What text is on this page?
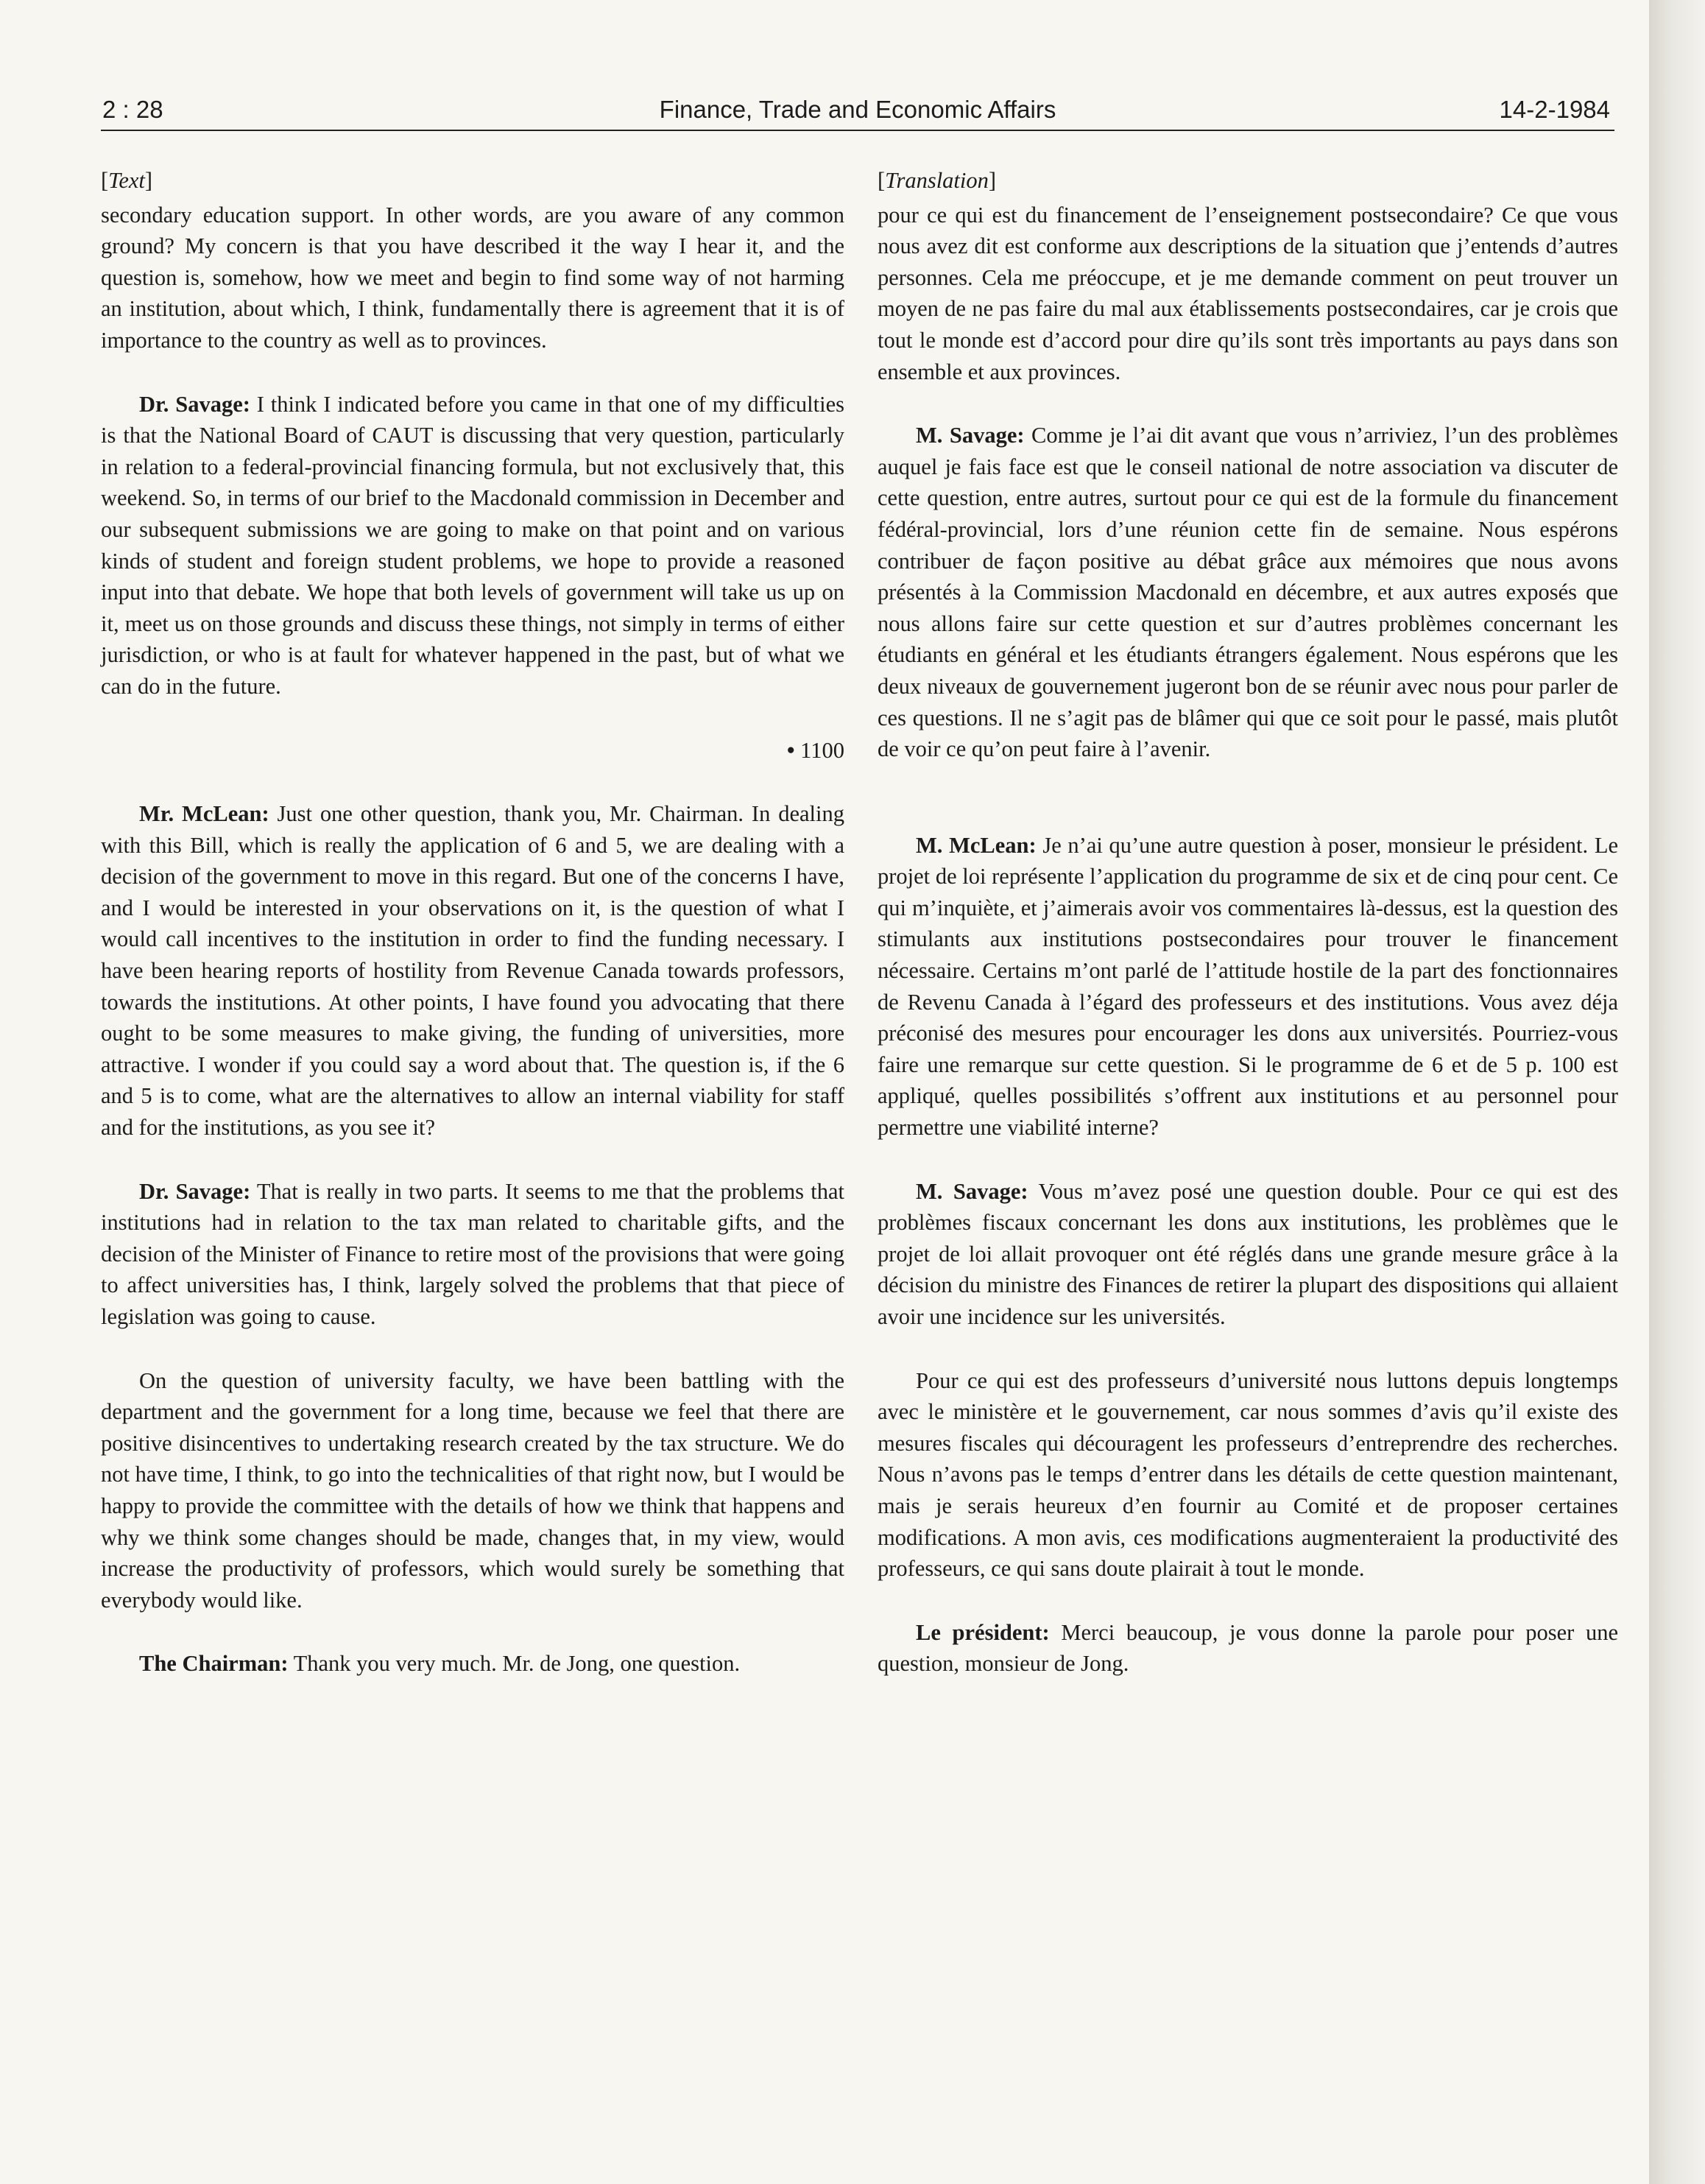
2 : 28	Finance, Trade and Economic Affairs	14-2-1984
[Text]

secondary education support. In other words, are you aware of any common ground? My concern is that you have described it the way I hear it, and the question is, somehow, how we meet and begin to find some way of not harming an institution, about which, I think, fundamentally there is agreement that it is of importance to the country as well as to provinces.

Dr. Savage: I think I indicated before you came in that one of my difficulties is that the National Board of CAUT is discussing that very question, particularly in relation to a federal-provincial financing formula, but not exclusively that, this weekend. So, in terms of our brief to the Macdonald commission in December and our subsequent submissions we are going to make on that point and on various kinds of student and foreign student problems, we hope to provide a reasoned input into that debate. We hope that both levels of government will take us up on it, meet us on those grounds and discuss these things, not simply in terms of either jurisdiction, or who is at fault for whatever happened in the past, but of what we can do in the future.

• 1100

Mr. McLean: Just one other question, thank you, Mr. Chairman. In dealing with this Bill, which is really the application of 6 and 5, we are dealing with a decision of the government to move in this regard. But one of the concerns I have, and I would be interested in your observations on it, is the question of what I would call incentives to the institution in order to find the funding necessary. I have been hearing reports of hostility from Revenue Canada towards professors, towards the institutions. At other points, I have found you advocating that there ought to be some measures to make giving, the funding of universities, more attractive. I wonder if you could say a word about that. The question is, if the 6 and 5 is to come, what are the alternatives to allow an internal viability for staff and for the institutions, as you see it?

Dr. Savage: That is really in two parts. It seems to me that the problems that institutions had in relation to the tax man related to charitable gifts, and the decision of the Minister of Finance to retire most of the provisions that were going to affect universities has, I think, largely solved the problems that that piece of legislation was going to cause.

On the question of university faculty, we have been battling with the department and the government for a long time, because we feel that there are positive disincentives to undertaking research created by the tax structure. We do not have time, I think, to go into the technicalities of that right now, but I would be happy to provide the committee with the details of how we think that happens and why we think some changes should be made, changes that, in my view, would increase the productivity of professors, which would surely be something that everybody would like.

The Chairman: Thank you very much. Mr. de Jong, one question.

[Translation]

pour ce qui est du financement de l’enseignement postsecondaire? Ce que vous nous avez dit est conforme aux descriptions de la situation que j’entends d’autres personnes. Cela me préoccupe, et je me demande comment on peut trouver un moyen de ne pas faire du mal aux établissements postsecondaires, car je crois que tout le monde est d’accord pour dire qu’ils sont très importants au pays dans son ensemble et aux provinces.

M. Savage: Comme je l’ai dit avant que vous n’arriviez, l’un des problèmes auquel je fais face est que le conseil national de notre association va discuter de cette question, entre autres, surtout pour ce qui est de la formule du financement fédéral-provincial, lors d’une réunion cette fin de semaine. Nous espérons contribuer de façon positive au débat grâce aux mémoires que nous avons présentés à la Commission Macdonald en décembre, et aux autres exposés que nous allons faire sur cette question et sur d’autres problèmes concernant les étudiants en général et les étudiants étrangers également. Nous espérons que les deux niveaux de gouvernement jugeront bon de se réunir avec nous pour parler de ces questions. Il ne s’agit pas de blâmer qui que ce soit pour le passé, mais plutôt de voir ce qu’on peut faire à l’avenir.

M. McLean: Je n’ai qu’une autre question à poser, monsieur le président. Le projet de loi représente l’application du programme de six et de cinq pour cent. Ce qui m’inquiète, et j’aimerais avoir vos commentaires là-dessus, est la question des stimulants aux institutions postsecondaires pour trouver le financement nécessaire. Certains m’ont parlé de l’attitude hostile de la part des fonctionnaires de Revenu Canada à l’égard des professeurs et des institutions. Vous avez déja préconisé des mesures pour encourager les dons aux universités. Pourriez-vous faire une remarque sur cette question. Si le programme de 6 et de 5 p. 100 est appliqué, quelles possibilités s’offrent aux institutions et au personnel pour permettre une viabilité interne?

M. Savage: Vous m’avez posé une question double. Pour ce qui est des problèmes fiscaux concernant les dons aux institutions, les problèmes que le projet de loi allait provoquer ont été réglés dans une grande mesure grâce à la décision du ministre des Finances de retirer la plupart des dispositions qui allaient avoir une incidence sur les universités.

Pour ce qui est des professeurs d’université nous luttons depuis longtemps avec le ministère et le gouvernement, car nous sommes d’avis qu’il existe des mesures fiscales qui découragent les professeurs d’entreprendre des recherches. Nous n’avons pas le temps d’entrer dans les détails de cette question maintenant, mais je serais heureux d’en fournir au Comité et de proposer certaines modifications. A mon avis, ces modifications augmenteraient la productivité des professeurs, ce qui sans doute plairait à tout le monde.

Le président: Merci beaucoup, je vous donne la parole pour poser une question, monsieur de Jong.
